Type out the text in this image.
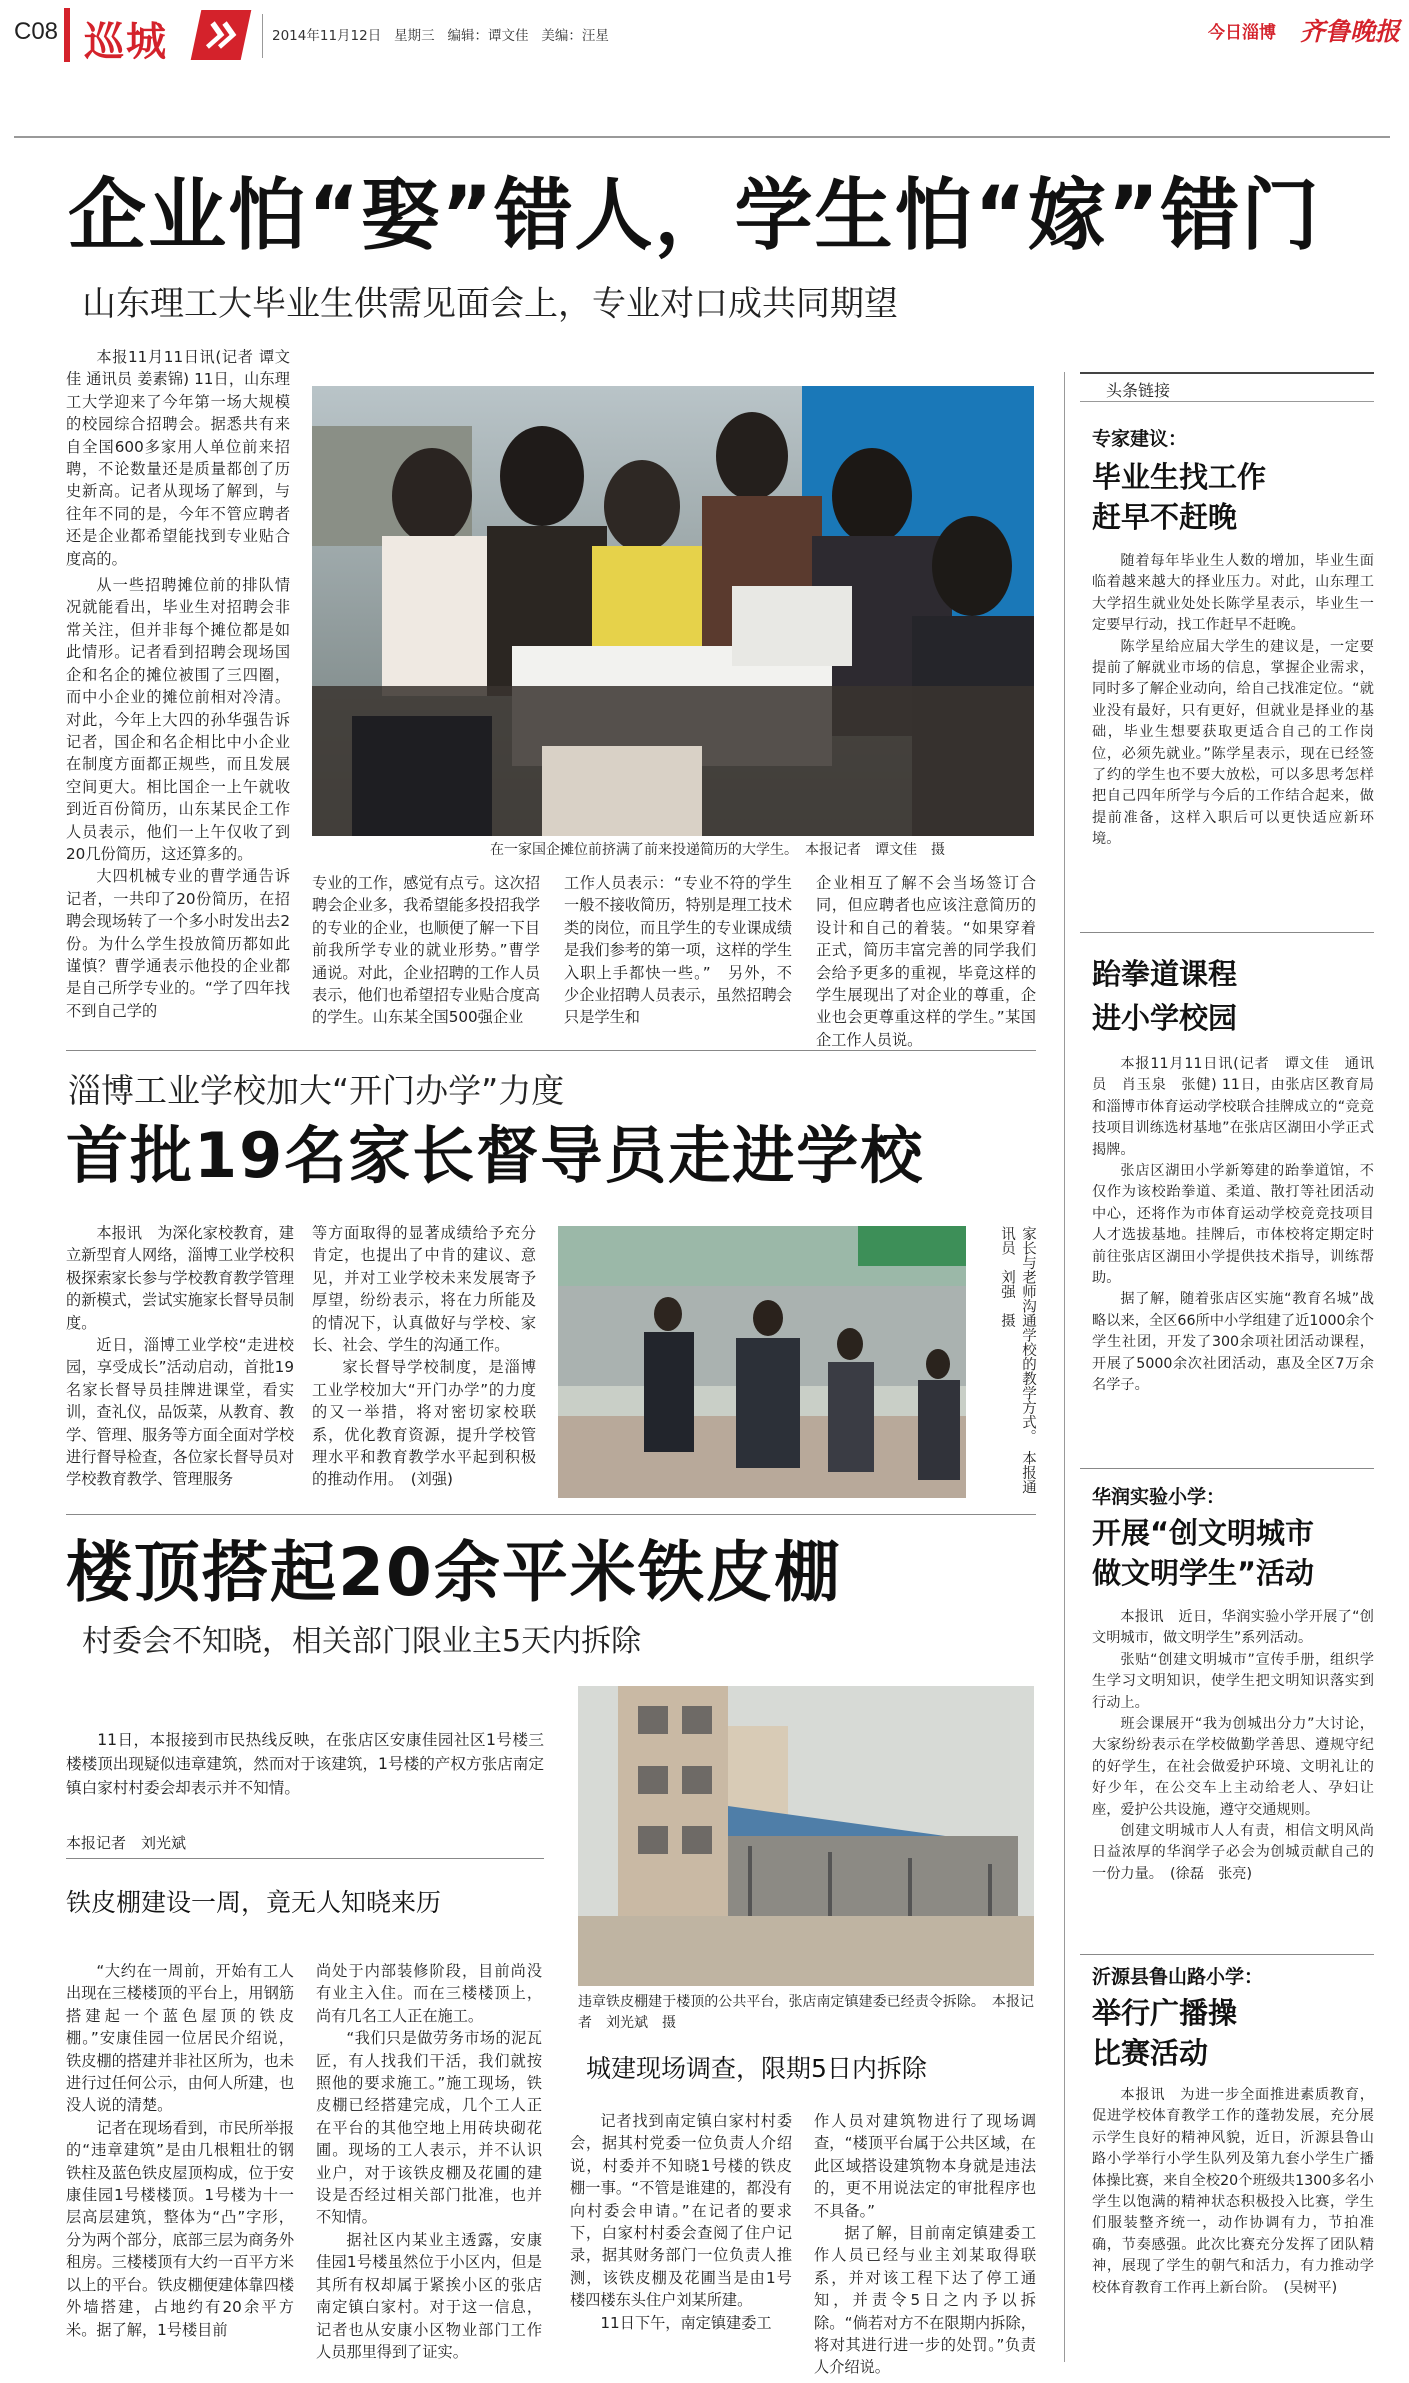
C08 巡城	2014年11月12日 星期三 编辑：谭文佳 美编：汪星	今日淄博 齐鲁晚报
企业怕“娶”错人，学生怕“嫁”错门
山东理工大毕业生供需见面会上，专业对口成共同期望

本报11月11日讯(记者 谭文佳 通讯员 姜素锦) 11日，山东理工大学迎来了今年第一场大规模的校园综合招聘会。据悉共有来自全国600多家用人单位前来招聘，不论数量还是质量都创了历史新高。记者从现场了解到，与往年不同的是，今年不管应聘者还是企业都希望能找到专业贴合度高的。

从一些招聘摊位前的排队情况就能看出，毕业生对招聘会非常关注，但并非每个摊位都是如此情形。记者看到招聘会现场国企和名企的摊位被围了三四圈，而中小企业的摊位前相对冷清。对此，今年上大四的孙华强告诉记者，国企和名企相比中小企业在制度方面都正规些，而且发展空间更大。相比国企一上午就收到近百份简历，山东某民企工作人员表示，他们一上午仅收了到20几份简历，这还算多的。

大四机械专业的曹学通告诉记者，一共印了20份简历，在招聘会现场转了一个多小时发出去2份。为什么学生投放简历都如此谨慎？曹学通表示他投的企业都是自己所学专业的。“学了四年找不到自己学的

在一家国企摊位前挤满了前来投递简历的大学生。　本报记者　谭文佳　摄

专业的工作，感觉有点亏。这次招聘会企业多，我希望能多投招我学的专业的企业，也顺便了解一下目前我所学专业的就业形势。”曹学通说。对此，企业招聘的工作人员表示，他们也希望招专业贴合度高的学生。山东某全国500强企业

工作人员表示：“专业不符的学生一般不接收简历，特别是理工技术类的岗位，而且学生的专业课成绩是我们参考的第一项，这样的学生入职上手都快一些。”　另外，不少企业招聘人员表示，虽然招聘会只是学生和

企业相互了解不会当场签订合同，但应聘者也应该注意简历的设计和自己的着装。“如果穿着正式，简历丰富完善的同学我们会给予更多的重视，毕竟这样的学生展现出了对企业的尊重，企业也会更尊重这样的学生。”某国企工作人员说。

淄博工业学校加大“开门办学”力度
首批19名家长督导员走进学校

本报讯　为深化家校教育，建立新型育人网络，淄博工业学校积极探索家长参与学校教育教学管理的新模式，尝试实施家长督导员制度。

近日，淄博工业学校“走进校园，享受成长”活动启动，首批19名家长督导员挂牌进课堂，看实训，查礼仪，品饭菜，从教育、教学、管理、服务等方面全面对学校进行督导检查，各位家长督导员对学校教育教学、管理服务

等方面取得的显著成绩给予充分肯定，也提出了中肯的建议、意见，并对工业学校未来发展寄予厚望，纷纷表示，将在力所能及的情况下，认真做好与学校、家长、社会、学生的沟通工作。

家长督导学校制度，是淄博工业学校加大“开门办学”的力度的又一举措，将对密切家校联系，优化教育资源，提升学校管理水平和教育教学水平起到积极的推动作用。　(刘强)	家长与老师沟通学校的教学方式。　本报通讯员　刘强　摄
楼顶搭起20余平米铁皮棚
村委会不知晓，相关部门限业主5天内拆除
11日，本报接到市民热线反映，在张店区安康佳园社区1号楼三楼楼顶出现疑似违章建筑，然而对于该建筑，1号楼的产权方张店南定镇白家村村委会却表示并不知情。
本报记者　刘光斌
铁皮棚建设一周，竟无人知晓来历

“大约在一周前，开始有工人出现在三楼楼顶的平台上，用钢筋搭建起一个蓝色屋顶的铁皮棚。”安康佳园一位居民介绍说，铁皮棚的搭建并非社区所为，也未进行过任何公示，由何人所建，也没人说的清楚。

记者在现场看到，市民所举报的“违章建筑”是由几根粗壮的钢铁柱及蓝色铁皮屋顶构成，位于安康佳园1号楼楼顶。1号楼为十一层高层建筑，整体为“凸”字形，分为两个部分，底部三层为商务外租房。三楼楼顶有大约一百平方米以上的平台。铁皮棚便建体靠四楼外墙搭建，占地约有20余平方米。据了解，1号楼目前

尚处于内部装修阶段，目前尚没有业主入住。而在三楼楼顶上，尚有几名工人正在施工。

“我们只是做劳务市场的泥瓦匠，有人找我们干活，我们就按照他的要求施工。”施工现场，铁皮棚已经搭建完成，几个工人正在平台的其他空地上用砖块砌花圃。现场的工人表示，并不认识业户，对于该铁皮棚及花圃的建设是否经过相关部门批准，也并不知情。

据社区内某业主透露，安康佳园1号楼虽然位于小区内，但是其所有权却属于紧挨小区的张店南定镇白家村。对于这一信息，记者也从安康小区物业部门工作人员那里得到了证实。

违章铁皮棚建于楼顶的公共平台，张店南定镇建委已经责令拆除。　本报记者　刘光斌　摄
城建现场调查，限期5日内拆除

记者找到南定镇白家村村委会，据其村党委一位负责人介绍说，村委并不知晓1号楼的铁皮棚一事。“不管是谁建的，都没有向村委会申请。”在记者的要求下，白家村村委会查阅了住户记录，据其财务部门一位负责人推测，该铁皮棚及花圃当是由1号楼四楼东头住户刘某所建。

11日下午，南定镇建委工

作人员对建筑物进行了现场调查，“楼顶平台属于公共区域，在此区域搭设建筑物本身就是违法的，更不用说法定的审批程序也不具备。”

据了解，目前南定镇建委工作人员已经与业主刘某取得联系，并对该工程下达了停工通知，并责令5日之内予以拆除。“倘若对方不在限期内拆除，将对其进行进一步的处罚。”负责人介绍说。

头条链接
专家建议：
毕业生找工作
赶早不赶晚

随着每年毕业生人数的增加，毕业生面临着越来越大的择业压力。对此，山东理工大学招生就业处处长陈学星表示，毕业生一定要早行动，找工作赶早不赶晚。

陈学星给应届大学生的建议是，一定要提前了解就业市场的信息，掌握企业需求，同时多了解企业动向，给自己找准定位。“就业没有最好，只有更好，但就业是择业的基础，毕业生想要获取更适合自己的工作岗位，必须先就业。”陈学星表示，现在已经签了约的学生也不要大放松，可以多思考怎样把自己四年所学与今后的工作结合起来，做提前准备，这样入职后可以更快适应新环境。

跆拳道课程
进小学校园

本报11月11日讯(记者　谭文佳　通讯员　肖玉泉　张健) 11日，由张店区教育局和淄博市体育运动学校联合挂牌成立的“竞竞技项目训练选材基地”在张店区湖田小学正式揭牌。

张店区湖田小学新筹建的跆拳道馆，不仅作为该校跆拳道、柔道、散打等社团活动中心，还将作为市体育运动学校竞竞技项目人才选拔基地。挂牌后，市体校将定期定时前往张店区湖田小学提供技术指导，训练帮助。

据了解，随着张店区实施“教育名城”战略以来，全区66所中小学组建了近1000余个学生社团，开发了300余项社团活动课程，开展了5000余次社团活动，惠及全区7万余名学子。

华润实验小学：
开展“创文明城市
做文明学生”活动

本报讯　近日，华润实验小学开展了“创文明城市，做文明学生”系列活动。

张贴“创建文明城市”宣传手册，组织学生学习文明知识，使学生把文明知识落实到行动上。

班会课展开“我为创城出分力”大讨论，大家纷纷表示在学校做勤学善思、遵规守纪的好学生，在社会做爱护环境、文明礼让的好少年，在公交车上主动给老人、孕妇让座，爱护公共设施，遵守交通规则。

创建文明城市人人有责，相信文明风尚日益浓厚的华润学子必会为创城贡献自己的一份力量。　(徐磊　张亮)

沂源县鲁山路小学：
举行广播操
比赛活动

本报讯　为进一步全面推进素质教育，促进学校体育教学工作的蓬勃发展，充分展示学生良好的精神风貌，近日，沂源县鲁山路小学举行小学生队列及第九套小学生广播体操比赛，来自全校20个班级共1300多名小学生以饱满的精神状态积极投入比赛，学生们服装整齐统一，动作协调有力，节拍准确，节奏感强。此次比赛充分发挥了团队精神，展现了学生的朝气和活力，有力推动学校体育教育工作再上新台阶。　(吴树平)
